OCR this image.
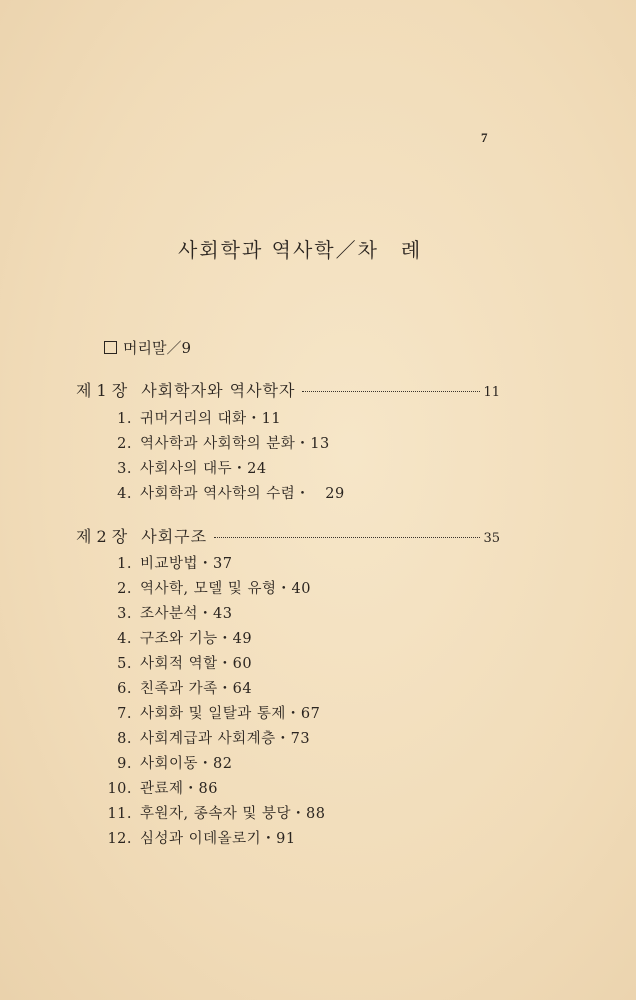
7
사회학과 역사학／차　례
머리말／9
제 1 장 사회학자와 역사학자	11
1. 귀머거리의 대화・11
2. 역사학과 사회학의 분화・13
3. 사회사의 대두・24
4. 사회학과 역사학의 수렴・　29
제 2 장 사회구조	35
1. 비교방법・37
2. 역사학, 모델 및 유형・40
3. 조사분석・43
4. 구조와 기능・49
5. 사회적 역할・60
6. 친족과 가족・64
7. 사회화 및 일탈과 통제・67
8. 사회계급과 사회계층・73
9. 사회이동・82
10. 관료제・86
11. 후원자, 종속자 및 붕당・88
12. 심성과 이데올로기・91
